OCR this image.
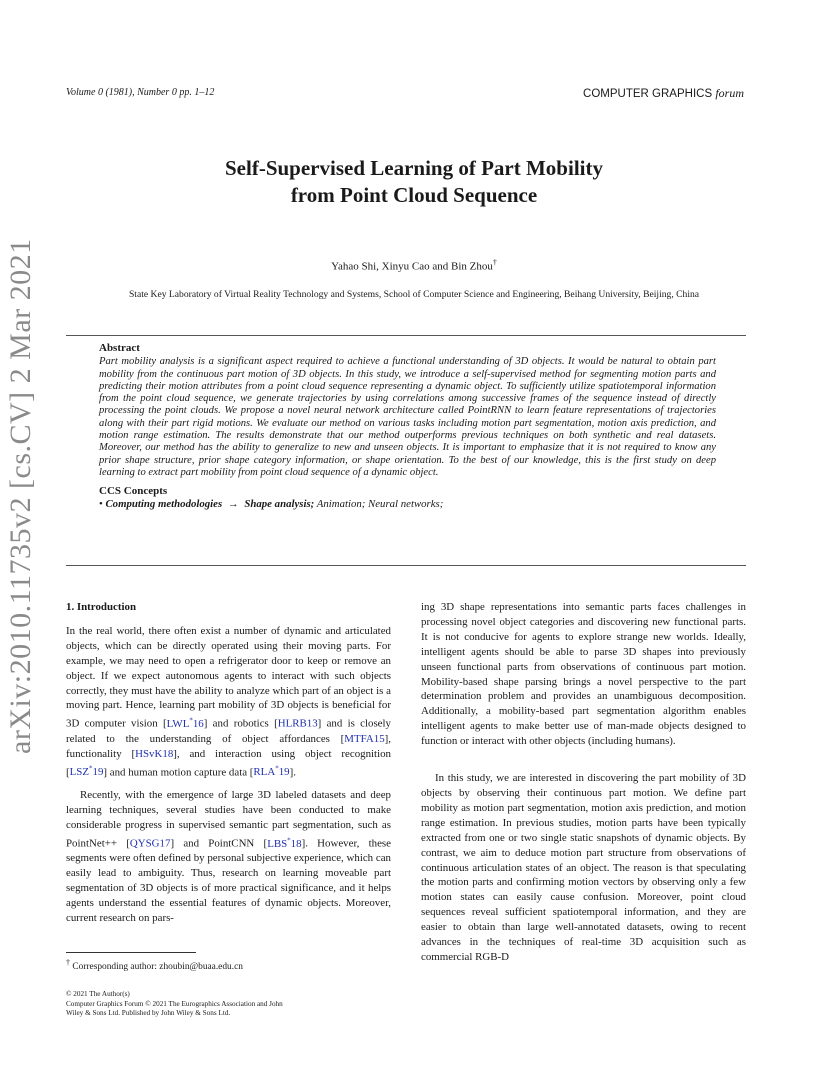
Volume 0 (1981), Number 0 pp. 1–12	COMPUTER GRAPHICS forum
Self-Supervised Learning of Part Mobility
from Point Cloud Sequence
Yahao Shi, Xinyu Cao and Bin Zhou†
State Key Laboratory of Virtual Reality Technology and Systems, School of Computer Science and Engineering, Beihang University, Beijing, China
Abstract
Part mobility analysis is a significant aspect required to achieve a functional understanding of 3D objects. It would be natural to obtain part mobility from the continuous part motion of 3D objects. In this study, we introduce a self-supervised method for segmenting motion parts and predicting their motion attributes from a point cloud sequence representing a dynamic object. To sufficiently utilize spatiotemporal information from the point cloud sequence, we generate trajectories by using correlations among successive frames of the sequence instead of directly processing the point clouds. We propose a novel neural network architecture called PointRNN to learn feature representations of trajectories along with their part rigid motions. We evaluate our method on various tasks including motion part segmentation, motion axis prediction, and motion range estimation. The results demonstrate that our method outperforms previous techniques on both synthetic and real datasets. Moreover, our method has the ability to generalize to new and unseen objects. It is important to emphasize that it is not required to know any prior shape structure, prior shape category information, or shape orientation. To the best of our knowledge, this is the first study on deep learning to extract part mobility from point cloud sequence of a dynamic object.
CCS Concepts
• Computing methodologies → Shape analysis; Animation; Neural networks;
arXiv:2010.11735v2 [cs.CV] 2 Mar 2021	1. Introduction

In the real world, there often exist a number of dynamic and articulated objects, which can be directly operated using their moving parts. For example, we may need to open a refrigerator door to keep or remove an object. If we expect autonomous agents to interact with such objects correctly, they must have the ability to analyze which part of an object is a moving part. Hence, learning part mobility of 3D objects is beneficial for 3D computer vision [LWL*16] and robotics [HLRB13] and is closely related to the understanding of object affordances [MTFA15], functionality [HSvK18], and interaction using object recognition [LSZ*19] and human motion capture data [RLA*19].

Recently, with the emergence of large 3D labeled datasets and deep learning techniques, several studies have been conducted to make considerable progress in supervised semantic part segmentation, such as PointNet++ [QYSG17] and PointCNN [LBS*18]. However, these segments were often defined by personal subjective experience, which can easily lead to ambiguity. Thus, research on learning moveable part segmentation of 3D objects is of more practical significance, and it helps agents understand the essential features of dynamic objects. Moreover, current research on pars-

ing 3D shape representations into semantic parts faces challenges in processing novel object categories and discovering new functional parts. It is not conducive for agents to explore strange new worlds. Ideally, intelligent agents should be able to parse 3D shapes into previously unseen functional parts from observations of continuous part motion. Mobility-based shape parsing brings a novel perspective to the part determination problem and provides an unambiguous decomposition. Additionally, a mobility-based part segmentation algorithm enables intelligent agents to make better use of man-made objects designed to function or interact with other objects (including humans).

In this study, we are interested in discovering the part mobility of 3D objects by observing their continuous part motion. We define part mobility as motion part segmentation, motion axis prediction, and motion range estimation. In previous studies, motion parts have been typically extracted from one or two single static snapshots of dynamic objects. By contrast, we aim to deduce motion part structure from observations of continuous articulation states of an object. The reason is that speculating the motion parts and confirming motion vectors by observing only a few motion states can easily cause confusion. Moreover, point cloud sequences reveal sufficient spatiotemporal information, and they are easier to obtain than large well-annotated datasets, owing to recent advances in the techniques of real-time 3D acquisition such as commercial RGB-D

† Corresponding author: zhoubin@buaa.edu.cn
© 2021 The Author(s)
Computer Graphics Forum © 2021 The Eurographics Association and John
Wiley & Sons Ltd. Published by John Wiley & Sons Ltd.
